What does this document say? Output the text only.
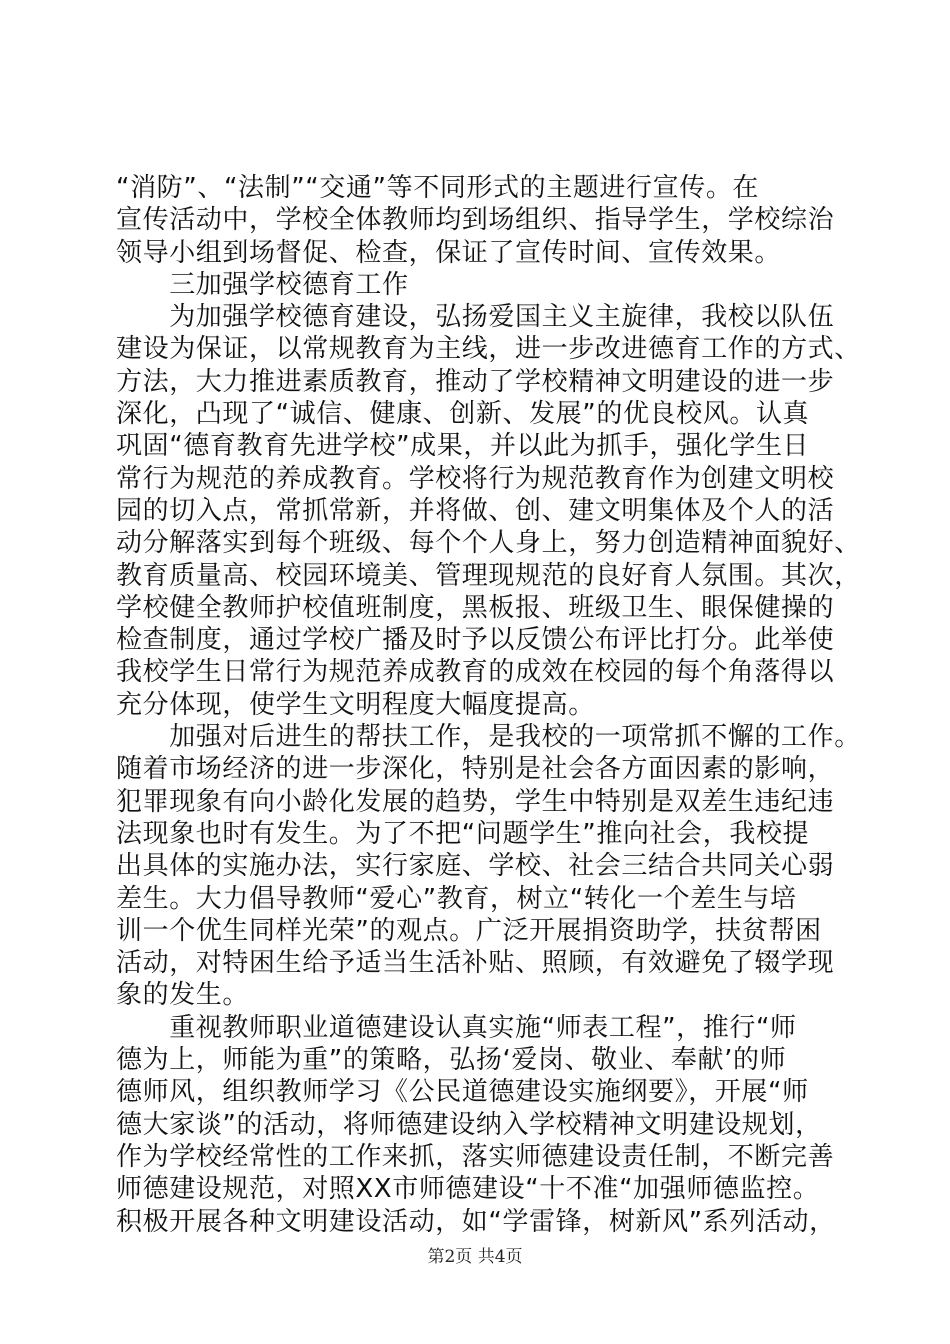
“消防”、“法制”“交通”等不同形式的主题进行宣传。在
宣传活动中，学校全体教师均到场组织、指导学生，学校综治
领导小组到场督促、检查，保证了宣传时间、宣传效果。
　　三加强学校德育工作
　　为加强学校德育建设，弘扬爱国主义主旋律，我校以队伍
建设为保证，以常规教育为主线，进一步改进德育工作的方式、
方法，大力推进素质教育，推动了学校精神文明建设的进一步
深化，凸现了“诚信、健康、创新、发展”的优良校风。认真
巩固“德育教育先进学校”成果，并以此为抓手，强化学生日
常行为规范的养成教育。学校将行为规范教育作为创建文明校
园的切入点，常抓常新，并将做、创、建文明集体及个人的活
动分解落实到每个班级、每个个人身上，努力创造精神面貌好、
教育质量高、校园环境美、管理现规范的良好育人氛围。其次，
学校健全教师护校值班制度，黑板报、班级卫生、眼保健操的
检查制度，通过学校广播及时予以反馈公布评比打分。此举使
我校学生日常行为规范养成教育的成效在校园的每个角落得以
充分体现，使学生文明程度大幅度提高。
　　加强对后进生的帮扶工作，是我校的一项常抓不懈的工作。
随着市场经济的进一步深化，特别是社会各方面因素的影响，
犯罪现象有向小龄化发展的趋势，学生中特别是双差生违纪违
法现象也时有发生。为了不把“问题学生”推向社会，我校提
出具体的实施办法，实行家庭、学校、社会三结合共同关心弱
差生。大力倡导教师“爱心”教育，树立“转化一个差生与培
训一个优生同样光荣”的观点。广泛开展捐资助学，扶贫帮困
活动，对特困生给予适当生活补贴、照顾，有效避免了辍学现
象的发生。
　　重视教师职业道德建设认真实施“师表工程”，推行“师
德为上，师能为重”的策略，弘扬‘爱岗、敬业、奉献’的师
德师风，组织教师学习《公民道德建设实施纲要》，开展“师
德大家谈”的活动，将师德建设纳入学校精神文明建设规划，
作为学校经常性的工作来抓，落实师德建设责任制，不断完善
师德建设规范，对照XX市师德建设“十不准“加强师德监控。
积极开展各种文明建设活动，如“学雷锋，树新风”系列活动，
第2页 共4页
